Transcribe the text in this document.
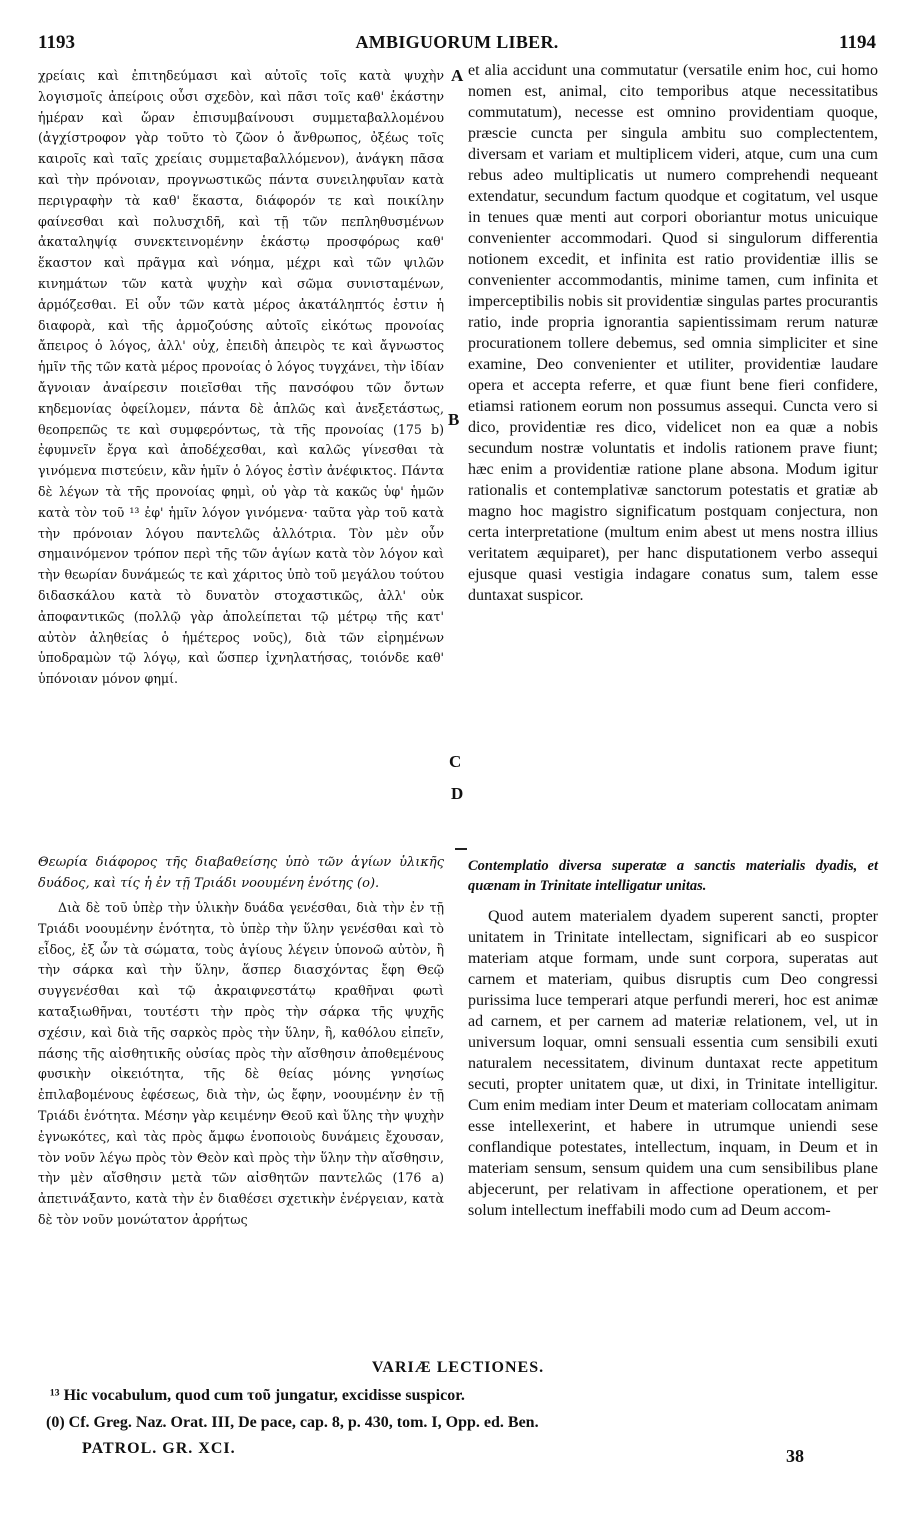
1193	AMBIGUORUM LIBER.	1194

χρείαις καὶ ἐπιτηδεύμασι καὶ αὐτοῖς τοῖς κατὰ ψυχὴν λογισμοῖς ἀπείροις οὖσι σχεδὸν, καὶ πᾶσι τοῖς καθ' ἑκάστην ἡμέραν καὶ ὥραν ἐπισυμβαίνουσι συμμεταβαλλομένου (ἀγχίστροφον γὰρ τοῦτο τὸ ζῶον ὁ ἄνθρωπος, ὀξέως τοῖς καιροῖς καὶ ταῖς χρείαις συμμεταβαλλόμενον), ἀνάγκη πᾶσα καὶ τὴν πρόνοιαν, προγνωστικῶς πάντα συνειληφυῖαν κατὰ περιγραφὴν τὰ καθ' ἕκαστα, διάφορόν τε καὶ ποικίλην φαίνεσθαι καὶ πολυσχιδῆ, καὶ τῇ τῶν πεπληθυσμένων ἀκαταληψίᾳ συνεκτεινομένην ἑκάστῳ προσφόρως καθ' ἕκαστον καὶ πρᾶγμα καὶ νόημα, μέχρι καὶ τῶν ψιλῶν κινημάτων τῶν κατὰ ψυχὴν καὶ σῶμα συνισταμένων, ἁρμόζεσθαι. Εἰ οὖν τῶν κατὰ μέρος ἀκατάληπτός ἐστιν ἡ διαφορὰ, καὶ τῆς ἁρμοζούσης αὐτοῖς εἰκότως προνοίας ἄπειρος ὁ λόγος, ἀλλ' οὐχ, ἐπειδὴ ἀπειρὸς τε καὶ ἄγνωστος ἡμῖν τῆς τῶν κατὰ μέρος προνοίας ὁ λόγος τυγχάνει, τὴν ἰδίαν ἄγνοιαν ἀναίρεσιν ποιεῖσθαι τῆς πανσόφου τῶν ὄντων κηδεμονίας ὀφείλομεν, πάντα δὲ ἁπλῶς καὶ ἀνεξετάστως, θεοπρεπῶς τε καὶ συμφερόντως, τὰ τῆς προνοίας (175 b) ἐφυμνεῖν ἔργα καὶ ἀποδέχεσθαι, καὶ καλῶς γίνεσθαι τὰ γινόμενα πιστεύειν, κἂν ἡμῖν ὁ λόγος ἐστὶν ἀνέφικτος. Πάντα δὲ λέγων τὰ τῆς προνοίας φημὶ, οὐ γὰρ τὰ κακῶς ὑφ' ἡμῶν κατὰ τὸν τοῦ ¹³ ἐφ' ἡμῖν λόγον γινόμενα· ταῦτα γὰρ τοῦ κατὰ τὴν πρόνοιαν λόγου παντελῶς ἀλλότρια. Τὸν μὲν οὖν σημαινόμενον τρόπον περὶ τῆς τῶν ἁγίων κατὰ τὸν λόγον καὶ τὴν θεωρίαν δυνάμεώς τε καὶ χάριτος ὑπὸ τοῦ μεγάλου τούτου διδασκάλου κατὰ τὸ δυνατὸν στοχαστικῶς, ἀλλ' οὐκ ἀποφαντικῶς (πολλῷ γὰρ ἀπολείπεται τῷ μέτρῳ τῆς κατ' αὐτὸν ἀληθείας ὁ ἡμέτερος νοῦς), διὰ τῶν εἰρημένων ὑποδραμὼν τῷ λόγῳ, καὶ ὥσπερ ἰχνηλατήσας, τοιόνδε καθ' ὑπόνοιαν μόνον φημί.

et alia accidunt una commutatur (versatile enim hoc, cui homo nomen est, animal, cito temporibus atque necessitatibus commutatum), necesse est omnino providentiam quoque, præscie cuncta per singula ambitu suo complectentem, diversam et variam et multiplicem videri, atque, cum una cum rebus adeo multiplicatis ut numero comprehendi nequeant extendatur, secundum factum quodque et cogitatum, vel usque in tenues quæ menti aut corpori oboriantur motus unicuique convenienter accommodari. Quod si singulorum differentia notionem excedit, et infinita est ratio providentiæ illis se convenienter accommodantis, minime tamen, cum infinita et imperceptibilis nobis sit providentiæ singulas partes procurantis ratio, inde propria ignorantia sapientissimam rerum naturæ procurationem tollere debemus, sed omnia simpliciter et sine examine, Deo convenienter et utiliter, providentiæ laudare opera et accepta referre, et quæ fiunt bene fieri confidere, etiamsi rationem eorum non possumus assequi. Cuncta vero si dico, providentiæ res dico, videlicet non ea quæ a nobis secundum nostræ voluntatis et indolis rationem prave fiunt; hæc enim a providentiæ ratione plane absona. Modum igitur rationalis et contemplativæ sanctorum potestatis et gratiæ ab magno hoc magistro significatum postquam conjectura, non certa interpretatione (multum enim abest ut mens nostra illius veritatem æquiparet), per hanc disputationem verbo assequi ejusque quasi vestigia indagare conatus sum, talem esse duntaxat suspicor.

A
B
C
D

Θεωρία διάφορος τῆς διαβαθείσης ὑπὸ τῶν ἁγίων ὑλικῆς δυάδος, καὶ τίς ἡ ἐν τῇ Τριάδι νοουμένη ἑνότης (o).

Διὰ δὲ τοῦ ὑπὲρ τὴν ὑλικὴν δυάδα γενέσθαι, διὰ τὴν ἐν τῇ Τριάδι νοουμένην ἑνότητα, τὸ ὑπὲρ τὴν ὕλην γενέσθαι καὶ τὸ εἶδος, ἐξ ὧν τὰ σώματα, τοὺς ἁγίους λέγειν ὑπονοῶ αὐτὸν, ἢ τὴν σάρκα καὶ τὴν ὕλην, ἅσπερ διασχόντας ἔφη Θεῷ συγγενέσθαι καὶ τῷ ἀκραιφνεστάτῳ κραθῆναι φωτὶ καταξιωθῆναι, τουτέστι τὴν πρὸς τὴν σάρκα τῆς ψυχῆς σχέσιν, καὶ διὰ τῆς σαρκὸς πρὸς τὴν ὕλην, ἢ, καθόλου εἰπεῖν, πάσης τῆς αἰσθητικῆς οὐσίας πρὸς τὴν αἴσθησιν ἀποθεμένους φυσικὴν οἰκειότητα, τῆς δὲ θείας μόνης γνησίως ἐπιλαβομένους ἐφέσεως, διὰ τὴν, ὡς ἔφην, νοουμένην ἐν τῇ Τριάδι ἑνότητα. Μέσην γὰρ κειμένην Θεοῦ καὶ ὕλης τὴν ψυχὴν ἐγνωκότες, καὶ τὰς πρὸς ἄμφω ἑνοποιοὺς δυνάμεις ἔχουσαν, τὸν νοῦν λέγω πρὸς τὸν Θεὸν καὶ πρὸς τὴν ὕλην τὴν αἴσθησιν, τὴν μὲν αἴσθησιν μετὰ τῶν αἰσθητῶν παντελῶς (176 a) ἀπετινάξαντο, κατὰ τὴν ἐν διαθέσει σχετικὴν ἐνέργειαν, κατὰ δὲ τὸν νοῦν μονώτατον ἀρρήτως

Contemplatio diversa superatæ a sanctis materialis dyadis, et quænam in Trinitate intelligatur unitas.

Quod autem materialem dyadem superent sancti, propter unitatem in Trinitate intellectam, significari ab eo suspicor materiam atque formam, unde sunt corpora, superatas aut carnem et materiam, quibus disruptis cum Deo congressi purissima luce temperari atque perfundi mereri, hoc est animæ ad carnem, et per carnem ad materiæ relationem, vel, ut in universum loquar, omni sensuali essentia cum sensibili exuti naturalem necessitatem, divinum duntaxat recte appetitum secuti, propter unitatem quæ, ut dixi, in Trinitate intelligitur. Cum enim mediam inter Deum et materiam collocatam animam esse intellexerint, et habere in utrumque uniendi sese conflandique potestates, intellectum, inquam, in Deum et in materiam sensum, sensum quidem una cum sensibilibus plane abjecerunt, per relativam in affectione operationem, et per solum intellectum ineffabili modo cum ad Deum accom-

VARIÆ LECTIONES.
¹³ Hic vocabulum, quod cum τοῦ jungatur, excidisse suspicor.
(0) Cf. Greg. Naz. Orat. III, De pace, cap. 8, p. 430, tom. I, Opp. ed. Ben.
PATROL. GR. XCI.	38
